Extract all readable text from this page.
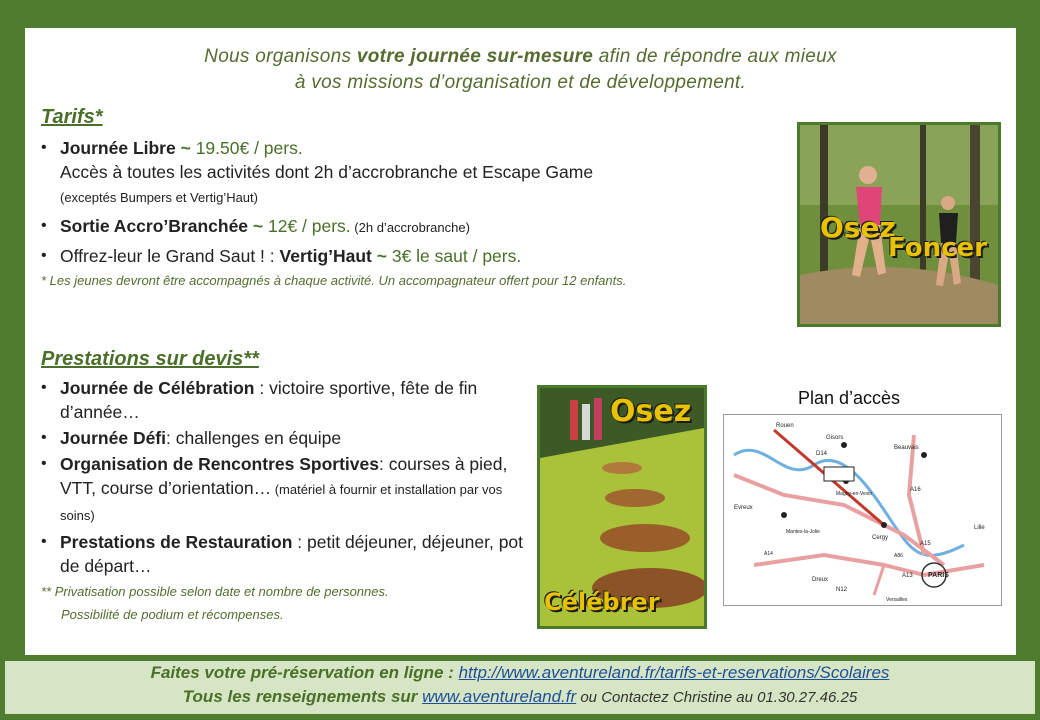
Nous organisons votre journée sur-mesure afin de répondre aux mieux
à vos missions d’organisation et de développement.
Tarifs*
• Journée Libre ~ 19.50€ / pers.
Accès à toutes les activités dont 2h d’accrobranche et Escape Game
(exceptés Bumpers et Vertig’Haut)
• Sortie Accro’Branchée ~ 12€ / pers. (2h d’accrobranche)
• Offrez-leur le Grand Saut ! : Vertig’Haut ~ 3€ le saut / pers.
* Les jeunes devront être accompagnés à chaque activité. Un accompagnateur offert pour 12 enfants.
Osez
Foncer
Prestations sur devis**
• Journée de Célébration : victoire sportive, fête de fin d’année…
• Journée Défi: challenges en équipe
• Organisation de Rencontres Sportives: courses à pied, VTT, course d’orientation… (matériel à fournir et installation par vos soins)
• Prestations de Restauration : petit déjeuner, déjeuner, pot de départ…
** Privatisation possible selon date et nombre de personnes.
Possibilité de podium et récompenses.
Osez
Célébrer
Plan d’accès
Rouen
Gisors
Beauvais
D14
A16
Evreux
Magny-en-Vexin
Mantes-la-Jolie
Cergy
A15
A86
Lille
Dreux
N12
A13 PARIS
Versailles
A14
Faites votre pré-réservation en ligne : http://www.aventureland.fr/tarifs-et-reservations/Scolaires
Tous les renseignements sur www.aventureland.fr ou Contactez Christine au 01.30.27.46.25
